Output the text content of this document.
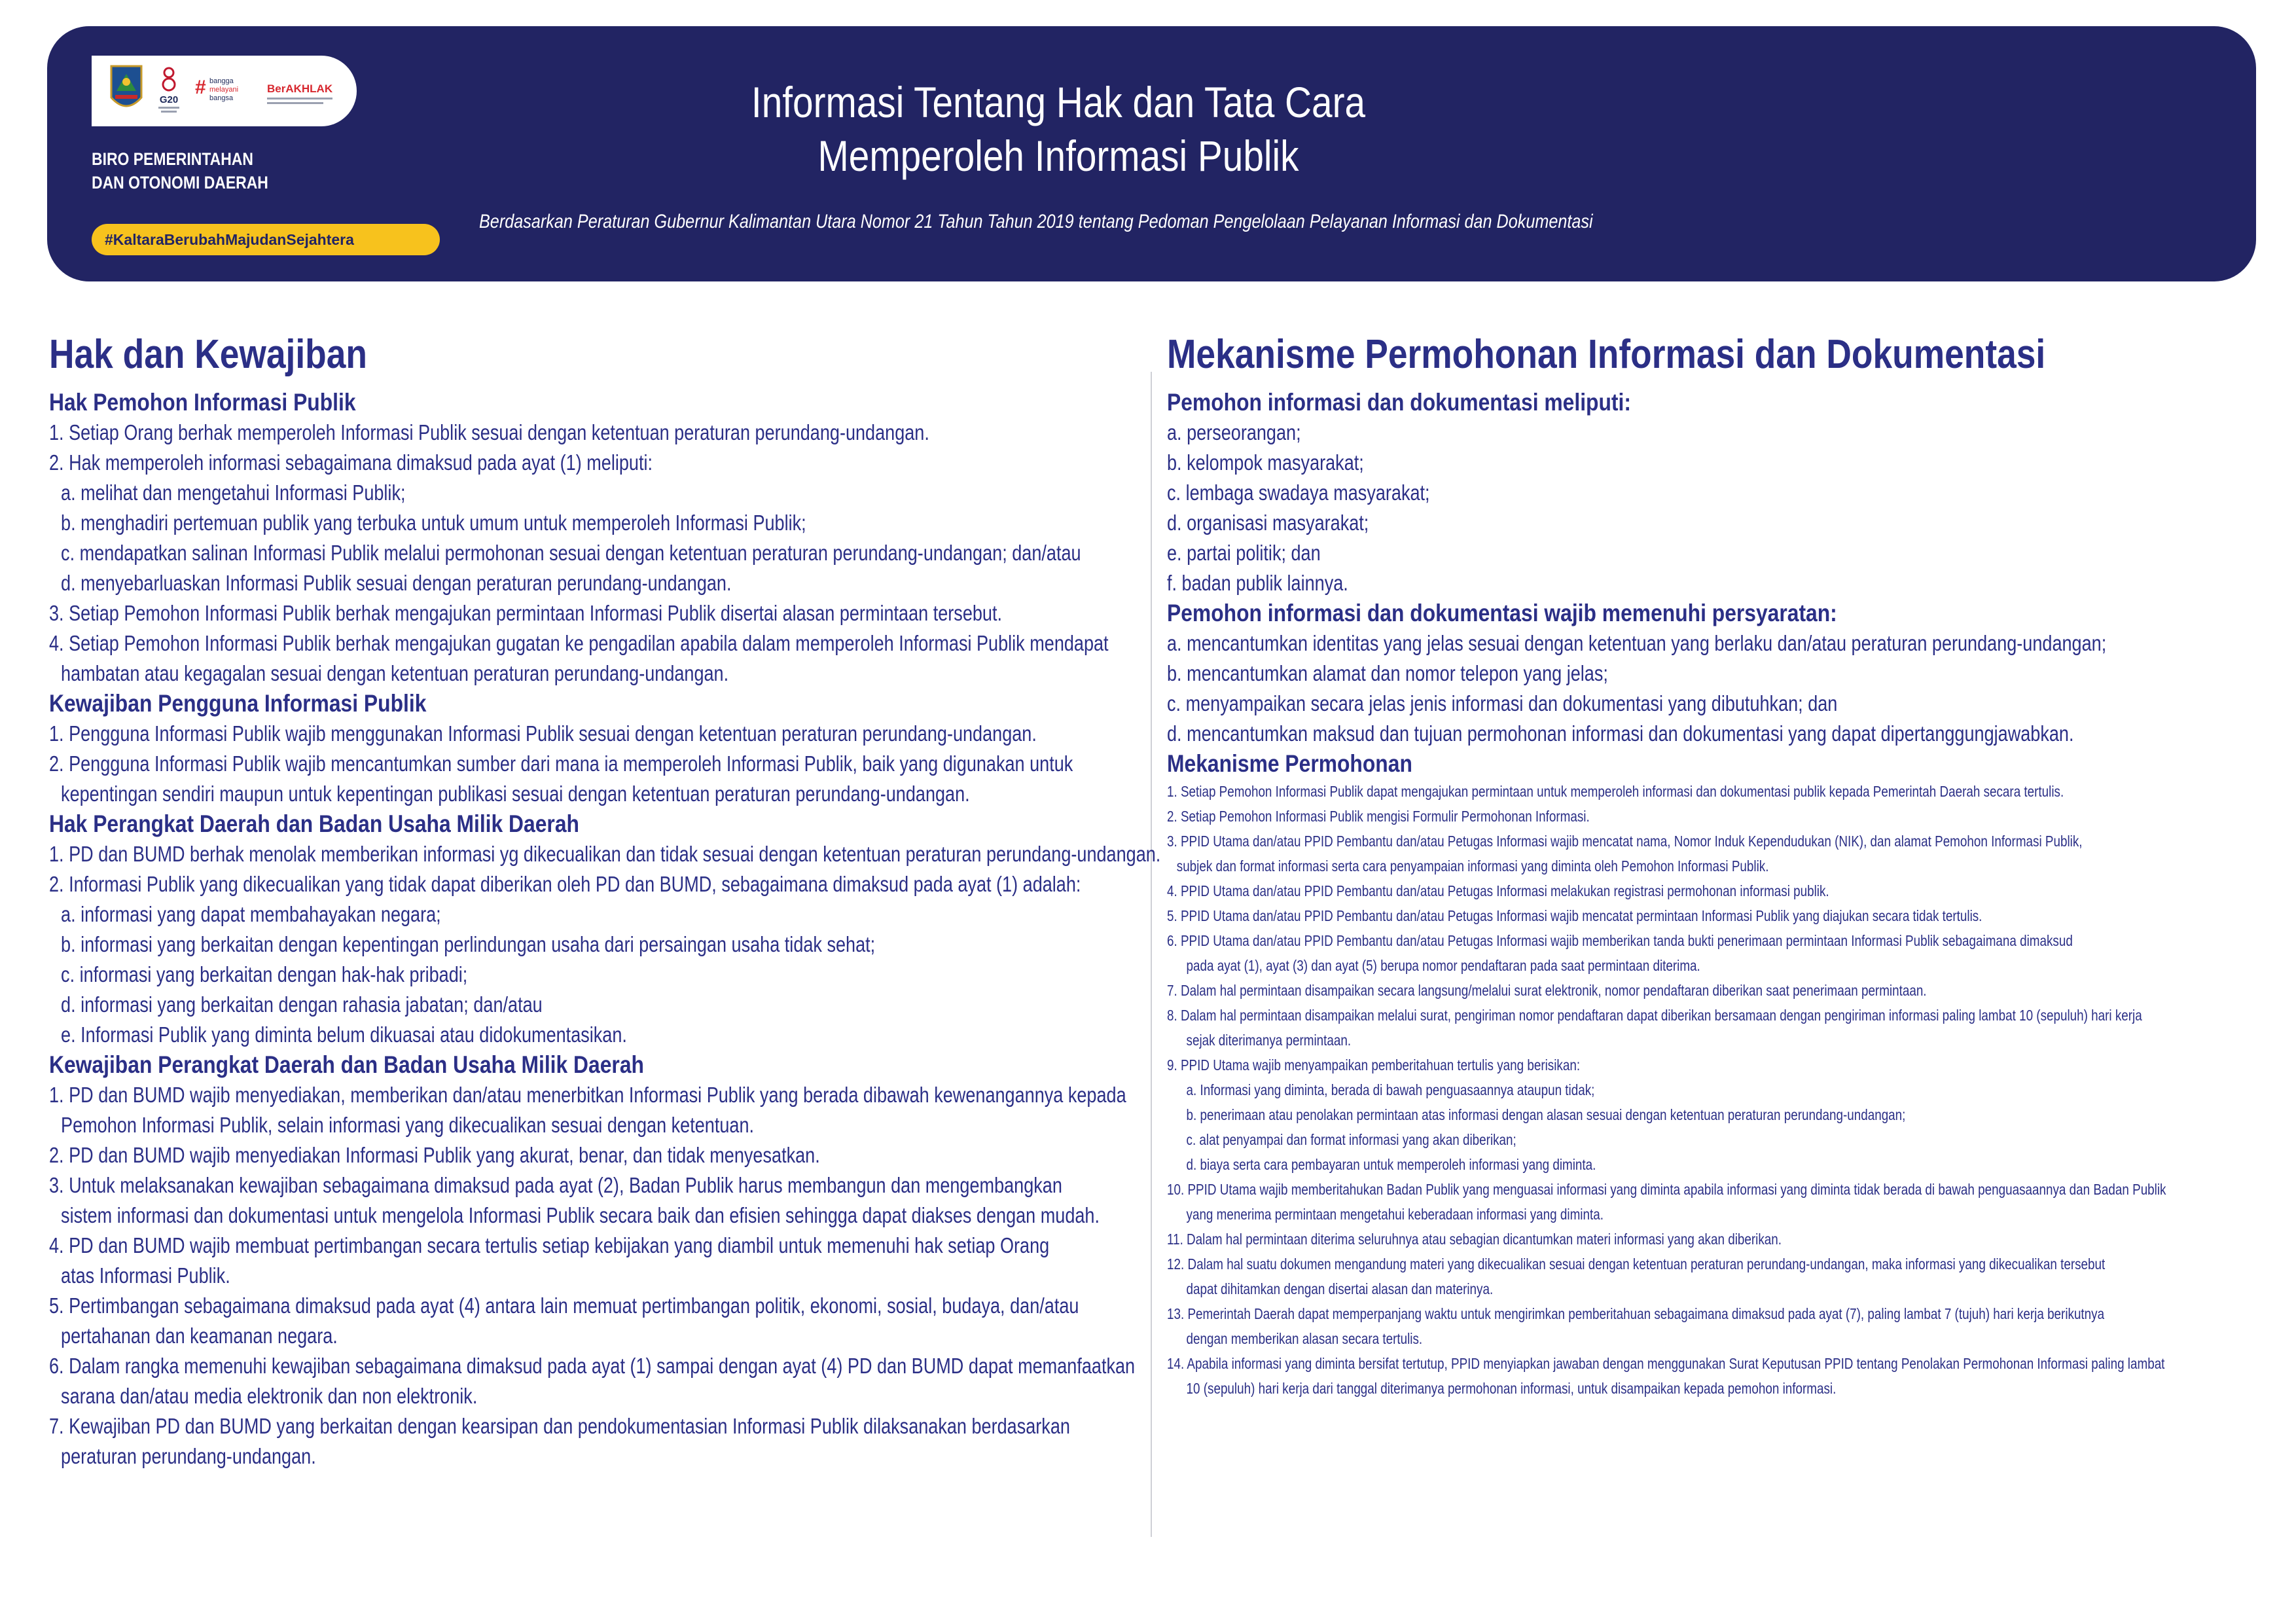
G20
# bangga
melayani
bangsa
BerAKHLAK
BIRO PEMERINTAHAN
DAN OTONOMI DAERAH
#KaltaraBerubahMajudanSejahtera
Informasi Tentang Hak dan Tata Cara
Memperoleh Informasi Publik
Berdasarkan Peraturan Gubernur Kalimantan Utara Nomor 21 Tahun Tahun 2019 tentang Pedoman Pengelolaan Pelayanan Informasi dan Dokumentasi
Hak dan Kewajiban
Hak Pemohon Informasi Publik
1. Setiap Orang berhak memperoleh Informasi Publik sesuai dengan ketentuan peraturan perundang-undangan.
2. Hak memperoleh informasi sebagaimana dimaksud pada ayat (1) meliputi:
a. melihat dan mengetahui Informasi Publik;
b. menghadiri pertemuan publik yang terbuka untuk umum untuk memperoleh Informasi Publik;
c. mendapatkan salinan Informasi Publik melalui permohonan sesuai dengan ketentuan peraturan perundang-undangan; dan/atau
d. menyebarluaskan Informasi Publik sesuai dengan peraturan perundang-undangan.
3. Setiap Pemohon Informasi Publik berhak mengajukan permintaan Informasi Publik disertai alasan permintaan tersebut.
4. Setiap Pemohon Informasi Publik berhak mengajukan gugatan ke pengadilan apabila dalam memperoleh Informasi Publik mendapat
hambatan atau kegagalan sesuai dengan ketentuan peraturan perundang-undangan.
Kewajiban Pengguna Informasi Publik
1. Pengguna Informasi Publik wajib menggunakan Informasi Publik sesuai dengan ketentuan peraturan perundang-undangan.
2. Pengguna Informasi Publik wajib mencantumkan sumber dari mana ia memperoleh Informasi Publik, baik yang digunakan untuk
kepentingan sendiri maupun untuk kepentingan publikasi sesuai dengan ketentuan peraturan perundang-undangan.
Hak Perangkat Daerah dan Badan Usaha Milik Daerah
1. PD dan BUMD berhak menolak memberikan informasi yg dikecualikan dan tidak sesuai dengan ketentuan peraturan perundang-undangan.
2. Informasi Publik yang dikecualikan yang tidak dapat diberikan oleh PD dan BUMD, sebagaimana dimaksud pada ayat (1) adalah:
a. informasi yang dapat membahayakan negara;
b. informasi yang berkaitan dengan kepentingan perlindungan usaha dari persaingan usaha tidak sehat;
c. informasi yang berkaitan dengan hak-hak pribadi;
d. informasi yang berkaitan dengan rahasia jabatan; dan/atau
e. Informasi Publik yang diminta belum dikuasai atau didokumentasikan.
Kewajiban Perangkat Daerah dan Badan Usaha Milik Daerah
1. PD dan BUMD wajib menyediakan, memberikan dan/atau menerbitkan Informasi Publik yang berada dibawah kewenangannya kepada
Pemohon Informasi Publik, selain informasi yang dikecualikan sesuai dengan ketentuan.
2. PD dan BUMD wajib menyediakan Informasi Publik yang akurat, benar, dan tidak menyesatkan.
3. Untuk melaksanakan kewajiban sebagaimana dimaksud pada ayat (2), Badan Publik harus membangun dan mengembangkan
sistem informasi dan dokumentasi untuk mengelola Informasi Publik secara baik dan efisien sehingga dapat diakses dengan mudah.
4. PD dan BUMD wajib membuat pertimbangan secara tertulis setiap kebijakan yang diambil untuk memenuhi hak setiap Orang
atas Informasi Publik.
5. Pertimbangan sebagaimana dimaksud pada ayat (4) antara lain memuat pertimbangan politik, ekonomi, sosial, budaya, dan/atau
pertahanan dan keamanan negara.
6. Dalam rangka memenuhi kewajiban sebagaimana dimaksud pada ayat (1) sampai dengan ayat (4) PD dan BUMD dapat memanfaatkan
sarana dan/atau media elektronik dan non elektronik.
7. Kewajiban PD dan BUMD yang berkaitan dengan kearsipan dan pendokumentasian Informasi Publik dilaksanakan berdasarkan
peraturan perundang-undangan.
Mekanisme Permohonan Informasi dan Dokumentasi
Pemohon informasi dan dokumentasi meliputi:
a. perseorangan;
b. kelompok masyarakat;
c. lembaga swadaya masyarakat;
d. organisasi masyarakat;
e. partai politik; dan
f. badan publik lainnya.
Pemohon informasi dan dokumentasi wajib memenuhi persyaratan:
a. mencantumkan identitas yang jelas sesuai dengan ketentuan yang berlaku dan/atau peraturan perundang-undangan;
b. mencantumkan alamat dan nomor telepon yang jelas;
c. menyampaikan secara jelas jenis informasi dan dokumentasi yang dibutuhkan; dan
d. mencantumkan maksud dan tujuan permohonan informasi dan dokumentasi yang dapat dipertanggungjawabkan.
Mekanisme Permohonan
1. Setiap Pemohon Informasi Publik dapat mengajukan permintaan untuk memperoleh informasi dan dokumentasi publik kepada Pemerintah Daerah secara tertulis.
2. Setiap Pemohon Informasi Publik mengisi Formulir Permohonan Informasi.
3. PPID Utama dan/atau PPID Pembantu dan/atau Petugas Informasi wajib mencatat nama, Nomor Induk Kependudukan (NIK), dan alamat Pemohon Informasi Publik,
subjek dan format informasi serta cara penyampaian informasi yang diminta oleh Pemohon Informasi Publik.
4. PPID Utama dan/atau PPID Pembantu dan/atau Petugas Informasi melakukan registrasi permohonan informasi publik.
5. PPID Utama dan/atau PPID Pembantu dan/atau Petugas Informasi wajib mencatat permintaan Informasi Publik yang diajukan secara tidak tertulis.
6. PPID Utama dan/atau PPID Pembantu dan/atau Petugas Informasi wajib memberikan tanda bukti penerimaan permintaan Informasi Publik sebagaimana dimaksud
pada ayat (1), ayat (3) dan ayat (5) berupa nomor pendaftaran pada saat permintaan diterima.
7. Dalam hal permintaan disampaikan secara langsung/melalui surat elektronik, nomor pendaftaran diberikan saat penerimaan permintaan.
8. Dalam hal permintaan disampaikan melalui surat, pengiriman nomor pendaftaran dapat diberikan bersamaan dengan pengiriman informasi paling lambat 10 (sepuluh) hari kerja
sejak diterimanya permintaan.
9. PPID Utama wajib menyampaikan pemberitahuan tertulis yang berisikan:
a. Informasi yang diminta, berada di bawah penguasaannya ataupun tidak;
b. penerimaan atau penolakan permintaan atas informasi dengan alasan sesuai dengan ketentuan peraturan perundang-undangan;
c. alat penyampai dan format informasi yang akan diberikan;
d. biaya serta cara pembayaran untuk memperoleh informasi yang diminta.
10. PPID Utama wajib memberitahukan Badan Publik yang menguasai informasi yang diminta apabila informasi yang diminta tidak berada di bawah penguasaannya dan Badan Publik
yang menerima permintaan mengetahui keberadaan informasi yang diminta.
11. Dalam hal permintaan diterima seluruhnya atau sebagian dicantumkan materi informasi yang akan diberikan.
12. Dalam hal suatu dokumen mengandung materi yang dikecualikan sesuai dengan ketentuan peraturan perundang-undangan, maka informasi yang dikecualikan tersebut
dapat dihitamkan dengan disertai alasan dan materinya.
13. Pemerintah Daerah dapat memperpanjang waktu untuk mengirimkan pemberitahuan sebagaimana dimaksud pada ayat (7), paling lambat 7 (tujuh) hari kerja berikutnya
dengan memberikan alasan secara tertulis.
14. Apabila informasi yang diminta bersifat tertutup, PPID menyiapkan jawaban dengan menggunakan Surat Keputusan PPID tentang Penolakan Permohonan Informasi paling lambat
10 (sepuluh) hari kerja dari tanggal diterimanya permohonan informasi, untuk disampaikan kepada pemohon informasi.
